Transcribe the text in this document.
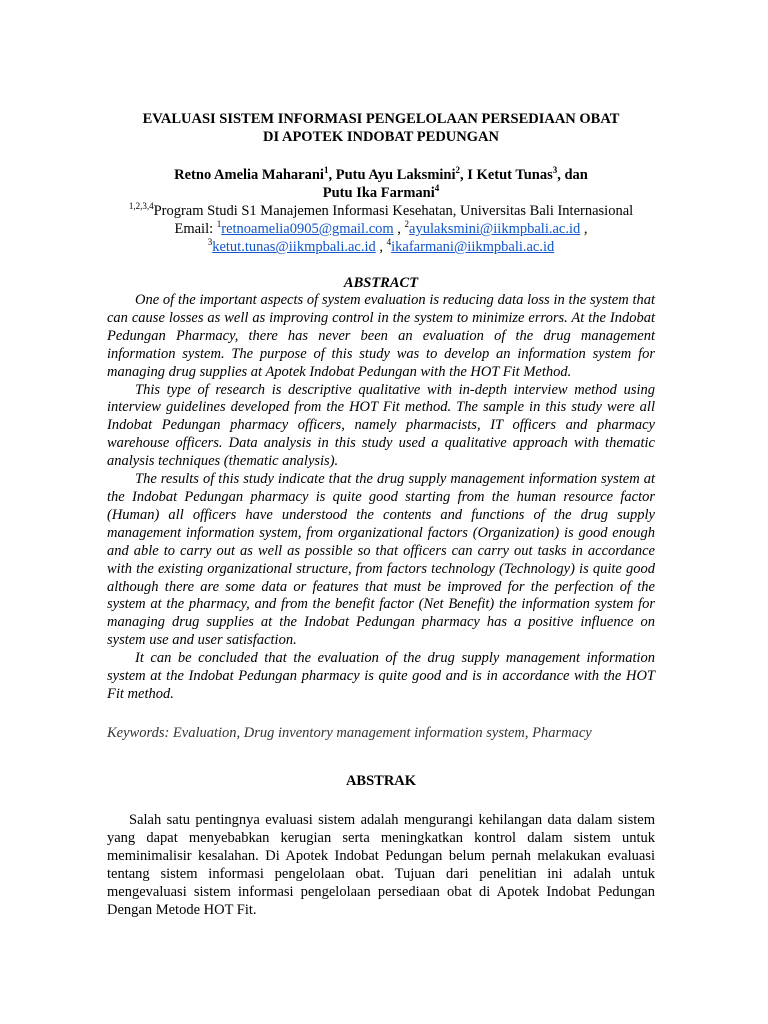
EVALUASI SISTEM INFORMASI PENGELOLAAN PERSEDIAAN OBAT
DI APOTEK INDOBAT PEDUNGAN
Retno Amelia Maharani$^1$, Putu Ayu Laksmini$^2$, I Ketut Tunas$^3$, dan
Putu Ika Farmani$^4$
$^{1,2,3,4}$Program Studi S1 Manajemen Informasi Kesehatan, Universitas Bali Internasional
Email: $^1$retnoamelia0905@gmail.com , $^2$ayulaksmini@iikmpbali.ac.id ,
$^3$ketut.tunas@iikmpbali.ac.id , $^4$ikafarmani@iikmpbali.ac.id
ABSTRACT

One of the important aspects of system evaluation is reducing data loss in the system that can cause losses as well as improving control in the system to minimize errors. At the Indobat Pedungan Pharmacy, there has never been an evaluation of the drug management information system. The purpose of this study was to develop an information system for managing drug supplies at Apotek Indobat Pedungan with the HOT Fit Method.

This type of research is descriptive qualitative with in-depth interview method using interview guidelines developed from the HOT Fit method. The sample in this study were all Indobat Pedungan pharmacy officers, namely pharmacists, IT officers and pharmacy warehouse officers. Data analysis in this study used a qualitative approach with thematic analysis techniques (thematic analysis).

The results of this study indicate that the drug supply management information system at the Indobat Pedungan pharmacy is quite good starting from the human resource factor (Human) all officers have understood the contents and functions of the drug supply management information system, from organizational factors (Organization) is good enough and able to carry out as well as possible so that officers can carry out tasks in accordance with the existing organizational structure, from factors technology (Technology) is quite good although there are some data or features that must be improved for the perfection of the system at the pharmacy, and from the benefit factor (Net Benefit) the information system for managing drug supplies at the Indobat Pedungan pharmacy has a positive influence on system use and user satisfaction.

It can be concluded that the evaluation of the drug supply management information system at the Indobat Pedungan pharmacy is quite good and is in accordance with the HOT Fit method.

Keywords: Evaluation, Drug inventory management information system, Pharmacy
ABSTRAK

Salah satu pentingnya evaluasi sistem adalah mengurangi kehilangan data dalam sistem yang dapat menyebabkan kerugian serta meningkatkan kontrol dalam sistem untuk meminimalisir kesalahan. Di Apotek Indobat Pedungan belum pernah melakukan evaluasi tentang sistem informasi pengelolaan obat. Tujuan dari penelitian ini adalah untuk mengevaluasi sistem informasi pengelolaan persediaan obat di Apotek Indobat Pedungan Dengan Metode HOT Fit.
